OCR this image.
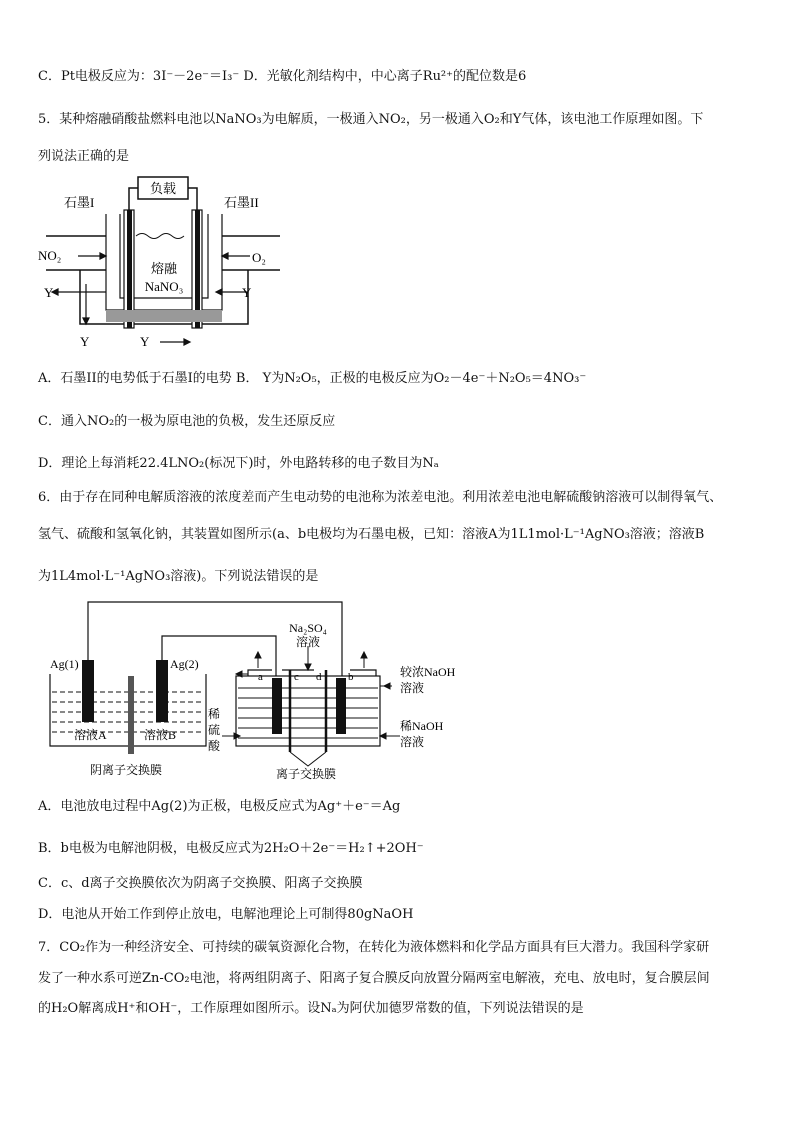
C．Pt电极反应为：3I⁻－2e⁻＝I₃⁻ D．光敏化剂结构中，中心离子Ru²⁺的配位数是6
5．某种熔融硝酸盐燃料电池以NaNO₃为电解质，一极通入NO₂，另一极通入O₂和Y气体，该电池工作原理如图。下
列说法正确的是
负载
石墨I	石墨II
NO₂	O₂
熔融
NaNO₃
Y	Y
Y	Y
A．石墨II的电势低于石墨I的电势 B． Y为N₂O₅，正极的电极反应为O₂－4e⁻＋N₂O₅＝4NO₃⁻
C．通入NO₂的一极为原电池的负极，发生还原反应
D．理论上每消耗22.4LNO₂(标况下)时，外电路转移的电子数目为Nₐ
6．由于存在同种电解质溶液的浓度差而产生电动势的电池称为浓差电池。利用浓差电池电解硫酸钠溶液可以制得氧气、
氢气、硫酸和氢氧化钠，其装置如图所示(a、b电极均为石墨电极，已知：溶液A为1L1mol·L⁻¹AgNO₃溶液；溶液B
为1L4mol·L⁻¹AgNO₃溶液)。下列说法错误的是
Ag(1)	Ag(2)
溶液A	溶液B
阴离子交换膜
Na₂SO₄
溶液
a	c d b
稀
硫
酸
较浓NaOH
溶液
稀NaOH
溶液
离子交换膜
A．电池放电过程中Ag(2)为正极，电极反应式为Ag⁺＋e⁻＝Ag
B．b电极为电解池阴极，电极反应式为2H₂O＋2e⁻＝H₂↑+2OH⁻
C．c、d离子交换膜依次为阴离子交换膜、阳离子交换膜
D．电池从开始工作到停止放电，电解池理论上可制得80gNaOH
7．CO₂作为一种经济安全、可持续的碳氧资源化合物，在转化为液体燃料和化学品方面具有巨大潜力。我国科学家研
发了一种水系可逆Zn-CO₂电池，将两组阴离子、阳离子复合膜反向放置分隔两室电解液，充电、放电时，复合膜层间
的H₂O解离成H⁺和OH⁻，工作原理如图所示。设Nₐ为阿伏加德罗常数的值，下列说法错误的是
